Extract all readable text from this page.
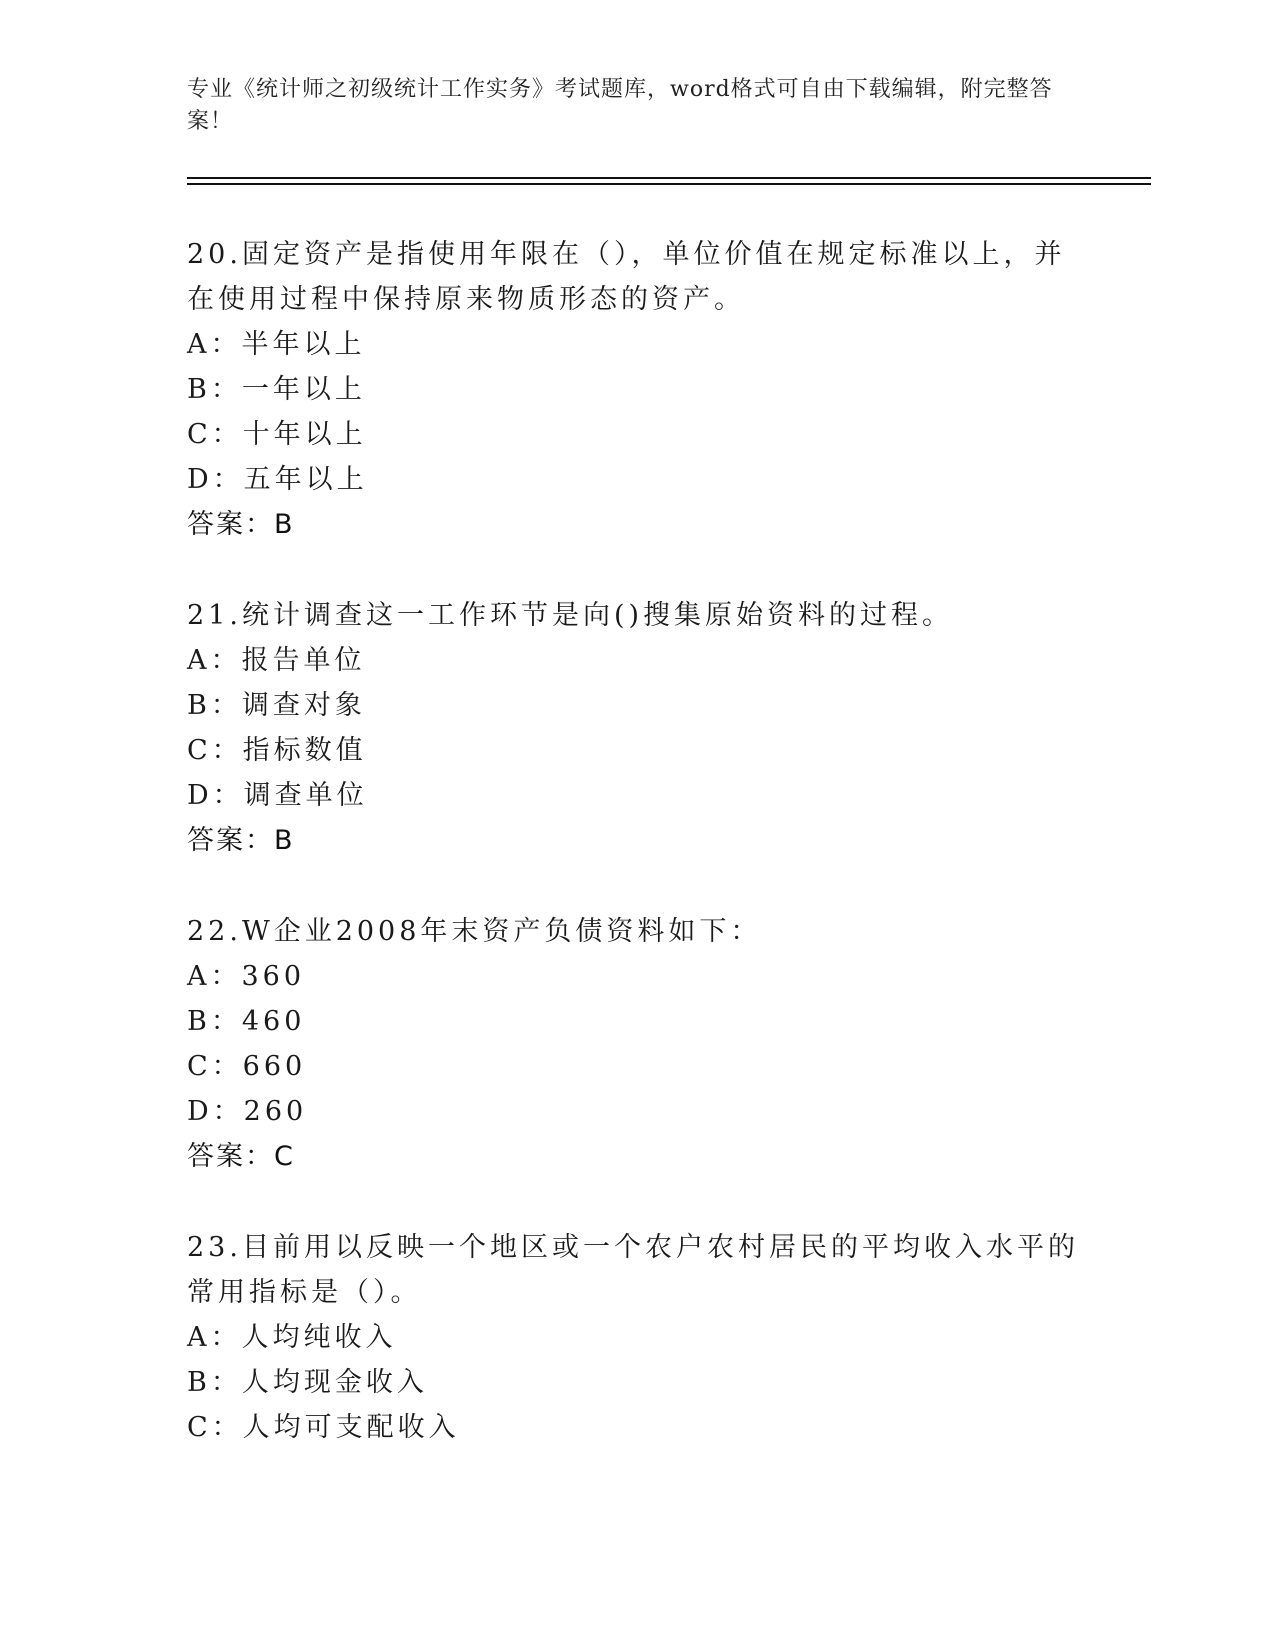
专业《统计师之初级统计工作实务》考试题库，word格式可自由下载编辑，附完整答案！

20.固定资产是指使用年限在（），单位价值在规定标准以上，并在使用过程中保持原来物质形态的资产。

A：半年以上

B：一年以上

C：十年以上

D：五年以上

答案：B

21.统计调查这一工作环节是向()搜集原始资料的过程。

A：报告单位

B：调查对象

C：指标数值

D：调查单位

答案：B

22.W企业2008年末资产负债资料如下：

A：360

B：460

C：660

D：260

答案：C

23.目前用以反映一个地区或一个农户农村居民的平均收入水平的常用指标是（）。

A：人均纯收入

B：人均现金收入

C：人均可支配收入
